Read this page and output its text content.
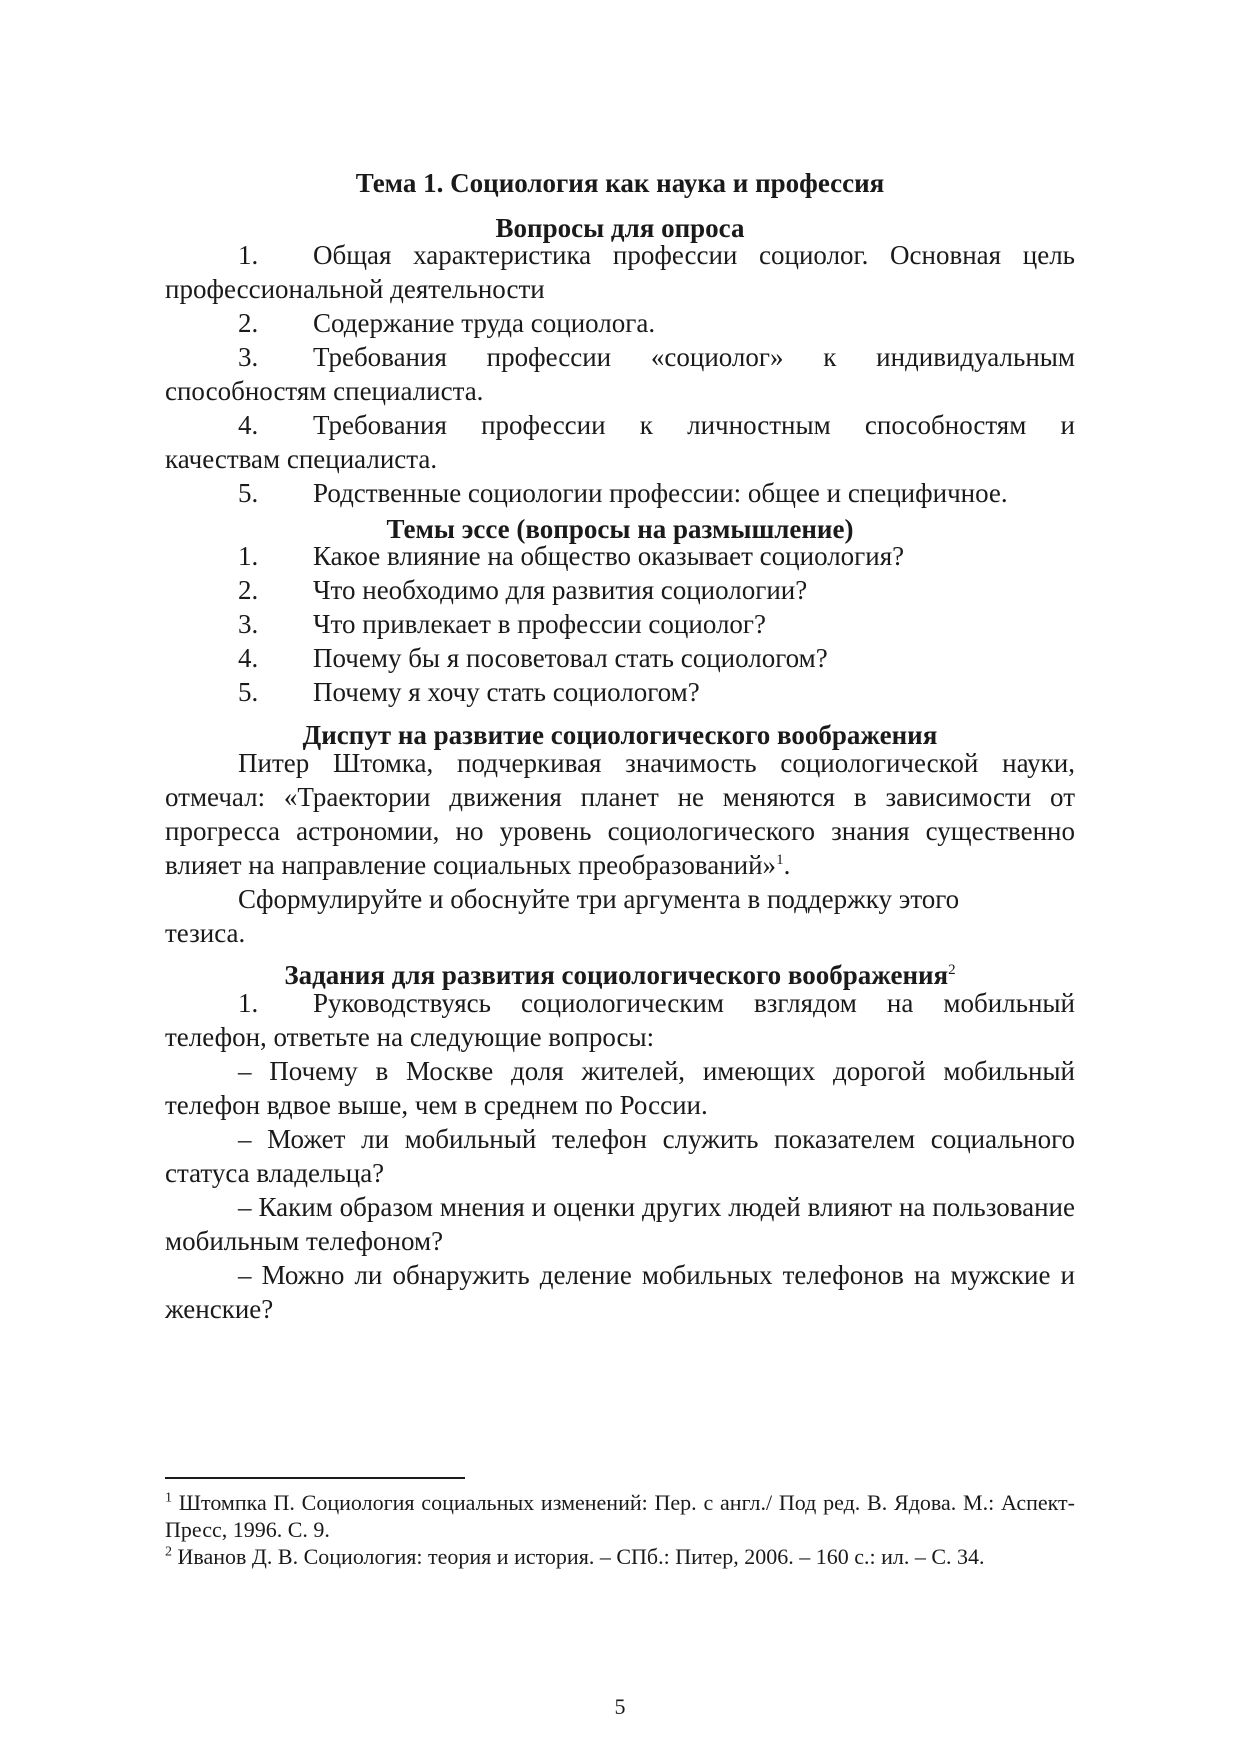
Тема 1. Социология как наука и профессия
Вопросы для опроса
1.	Общая характеристика профессии социолог. Основная цель
профессиональной деятельности
2.	Содержание труда социолога.
3.	Требования профессии «социолог» к индивидуальным
способностям специалиста.
4.	Требования профессии к личностным способностям и
качествам специалиста.
5.	Родственные социологии профессии: общее и специфичное.
Темы эссе (вопросы на размышление)
1.	Какое влияние на общество оказывает социология?
2.	Что необходимо для развития социологии?
3.	Что привлекает в профессии социолог?
4.	Почему бы я посоветовал стать социологом?
5.	Почему я хочу стать социологом?
Диспут на развитие социологического воображения
Питер Штомка, подчеркивая значимость социологической науки, отмечал: «Траектории движения планет не меняются в зависимости от прогресса астрономии, но уровень социологического знания существенно влияет на направление социальных преобразований»$^1$.
Сформулируйте и обоснуйте три аргумента в поддержку этого тезиса.
Задания для развития социологического воображения$^2$
1.	Руководствуясь социологическим взглядом на мобильный
телефон, ответьте на следующие вопросы:
– Почему в Москве доля жителей, имеющих дорогой мобильный телефон вдвое выше, чем в среднем по России.
– Может ли мобильный телефон служить показателем социального статуса владельца?
– Каким образом мнения и оценки других людей влияют на пользование мобильным телефоном?
– Можно ли обнаружить деление мобильных телефонов на мужские и женские?
$^1$ Штомпка П. Социология социальных изменений: Пер. с англ./ Под ред. В. Ядова. М.: Аспект-Пресс, 1996. С. 9.
$^2$ Иванов Д. В. Социология: теория и история. – СПб.: Питер, 2006. – 160 с.: ил. – С. 34.
5
